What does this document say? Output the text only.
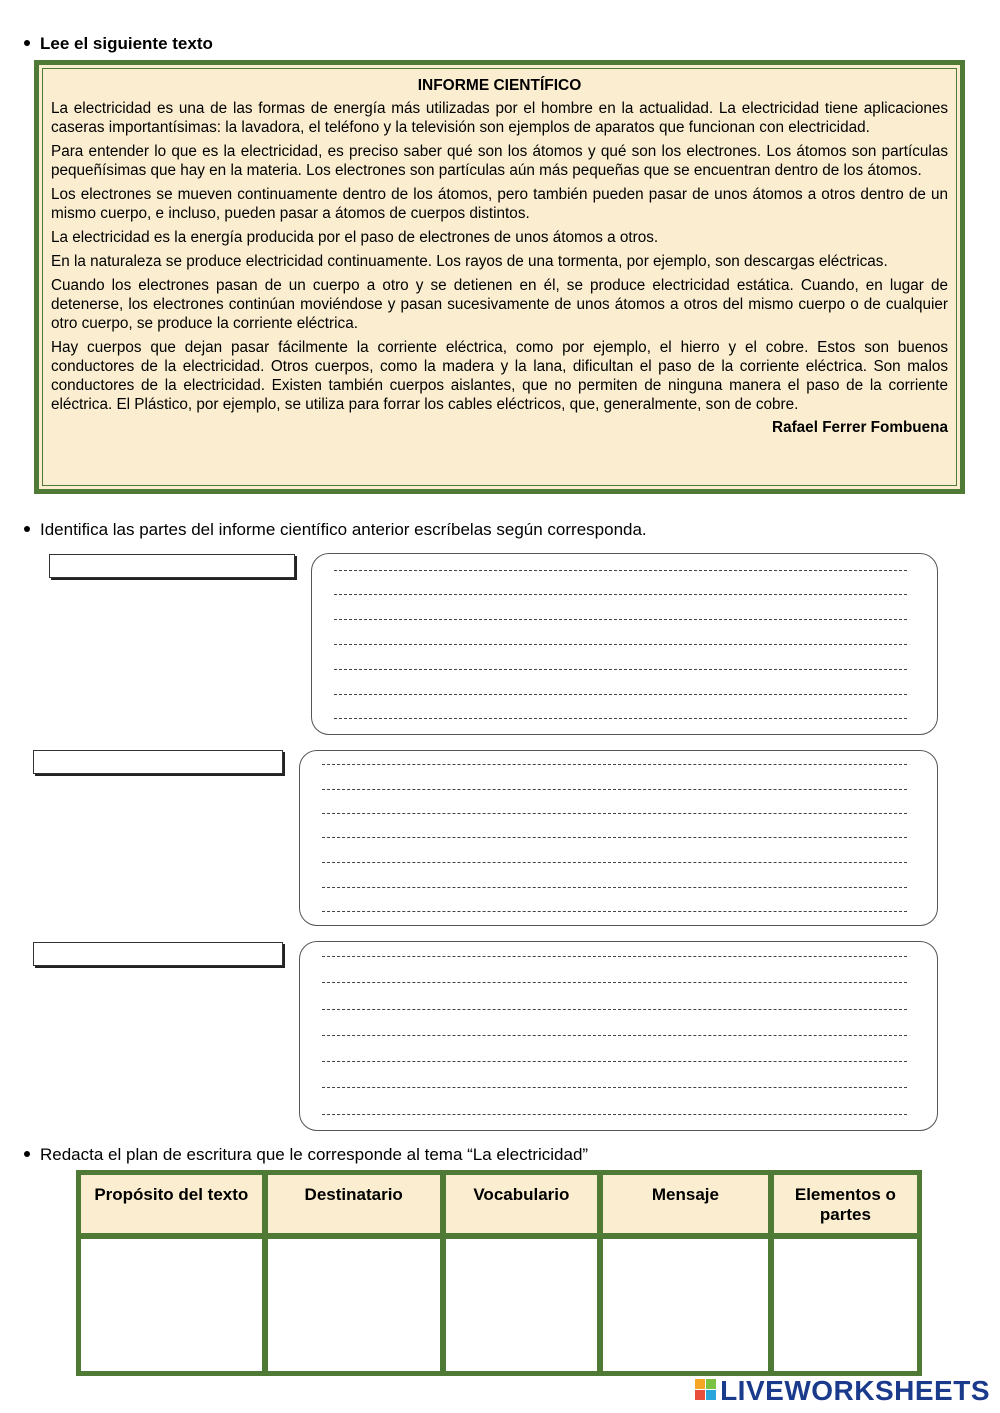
Lee el siguiente texto
INFORME CIENTÍFICO

La electricidad es una de las formas de energía más utilizadas por el hombre en la actualidad. La electricidad tiene aplicaciones caseras importantísimas: la lavadora, el teléfono y la televisión son ejemplos de aparatos que funcionan con electricidad.

Para entender lo que es la electricidad, es preciso saber qué son los átomos y qué son los electrones. Los átomos son partículas pequeñísimas que hay en la materia. Los electrones son partículas aún más pequeñas que se encuentran dentro de los átomos.

Los electrones se mueven continuamente dentro de los átomos, pero también pueden pasar de unos átomos a otros dentro de un mismo cuerpo, e incluso, pueden pasar a átomos de cuerpos distintos.

La electricidad es la energía producida por el paso de electrones de unos átomos a otros.

En la naturaleza se produce electricidad continuamente. Los rayos de una tormenta, por ejemplo, son descargas eléctricas.

Cuando los electrones pasan de un cuerpo a otro y se detienen en él, se produce electricidad estática. Cuando, en lugar de detenerse, los electrones continúan moviéndose y pasan sucesivamente de unos átomos a otros del mismo cuerpo o de cualquier otro cuerpo, se produce la corriente eléctrica.

Hay cuerpos que dejan pasar fácilmente la corriente eléctrica, como por ejemplo, el hierro y el cobre. Estos son buenos conductores de la electricidad. Otros cuerpos, como la madera y la lana, dificultan el paso de la corriente eléctrica. Son malos conductores de la electricidad. Existen también cuerpos aislantes, que no permiten de ninguna manera el paso de la corriente eléctrica. El Plástico, por ejemplo, se utiliza para forrar los cables eléctricos, que, generalmente, son de cobre.

Rafael Ferrer Fombuena
Identifica las partes del informe científico anterior escríbelas según corresponda.
Redacta el plan de escritura que le corresponde al tema “La electricidad”
Propósito del texto	Destinatario	Vocabulario	Mensaje	Elementos o partes

LIVEWORKSHEETS
